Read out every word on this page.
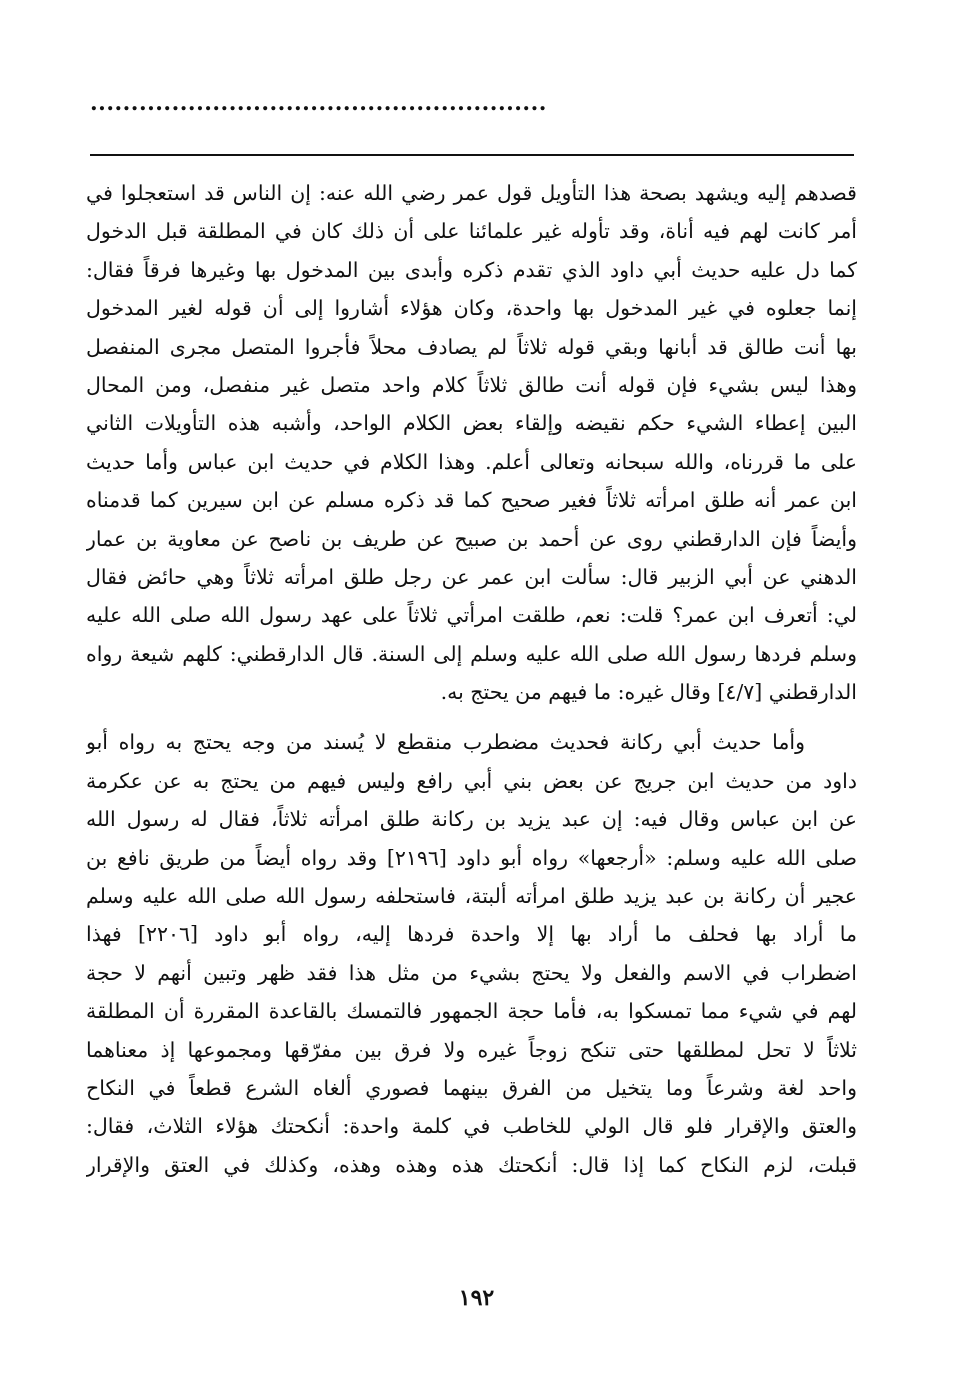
........................................................
قصدهم إليه ويشهد بصحة هذا التأويل قول عمر رضي الله عنه: إن الناس قد استعجلوا في
أمر كانت لهم فيه أناة، وقد تأوله غير علمائنا على أن ذلك كان في المطلقة قبل الدخول
كما دل عليه حديث أبي داود الذي تقدم ذكره وأبدى بين المدخول بها وغيرها فرقاً فقال:
إنما جعلوه في غير المدخول بها واحدة، وكان هؤلاء أشاروا إلى أن قوله لغير المدخول
بها أنت طالق قد أبانها وبقي قوله ثلاثاً لم يصادف محلاً فأجروا المتصل مجرى المنفصل
وهذا ليس بشيء فإن قوله أنت طالق ثلاثاً كلام واحد متصل غير منفصل، ومن المحال
البين إعطاء الشيء حكم نقيضه وإلقاء بعض الكلام الواحد، وأشبه هذه التأويلات الثاني
على ما قررناه، والله سبحانه وتعالى أعلم. وهذا الكلام في حديث ابن عباس وأما حديث
ابن عمر أنه طلق امرأته ثلاثاً فغير صحيح كما قد ذكره مسلم عن ابن سيرين كما قدمناه
وأيضاً فإن الدارقطني روى عن أحمد بن صبيح عن طريف بن ناصح عن معاوية بن عمار
الدهني عن أبي الزبير قال: سألت ابن عمر عن رجل طلق امرأته ثلاثاً وهي حائض فقال
لي: أتعرف ابن عمر؟ قلت: نعم، طلقت امرأتي ثلاثاً على عهد رسول الله صلى الله عليه
وسلم فردها رسول الله صلى الله عليه وسلم إلى السنة. قال الدارقطني: كلهم شيعة رواه
الدارقطني [٤/٧] وقال غيره: ما فيهم من يحتج به.
وأما حديث أبي ركانة فحديث مضطرب منقطع لا يُسند من وجه يحتج به رواه أبو
داود من حديث ابن جريج عن بعض بني أبي رافع وليس فيهم من يحتج به عن عكرمة
عن ابن عباس وقال فيه: إن عبد يزيد بن ركانة طلق امرأته ثلاثاً، فقال له رسول الله
صلى الله عليه وسلم: «أرجعها» رواه أبو داود [٢١٩٦] وقد رواه أيضاً من طريق نافع بن
عجير أن ركانة بن عبد يزيد طلق امرأته ألبتة، فاستحلفه رسول الله صلى الله عليه وسلم
ما أراد بها فحلف ما أراد بها إلا واحدة فردها إليه، رواه أبو داود [٢٢٠٦] فهذا
اضطراب في الاسم والفعل ولا يحتج بشيء من مثل هذا فقد ظهر وتبين أنهم لا حجة
لهم في شيء مما تمسكوا به، فأما حجة الجمهور فالتمسك بالقاعدة المقررة أن المطلقة
ثلاثاً لا تحل لمطلقها حتى تنكح زوجاً غيره ولا فرق بين مفرّقها ومجموعها إذ معناهما
واحد لغة وشرعاً وما يتخيل من الفرق بينهما فصوري ألغاه الشرع قطعاً في النكاح
والعتق والإقرار فلو قال الولي للخاطب في كلمة واحدة: أنكحتك هؤلاء الثلاث، فقال:
قبلت، لزم النكاح كما إذا قال: أنكحتك هذه وهذه وهذه، وكذلك في العتق والإقرار
١٩٢
